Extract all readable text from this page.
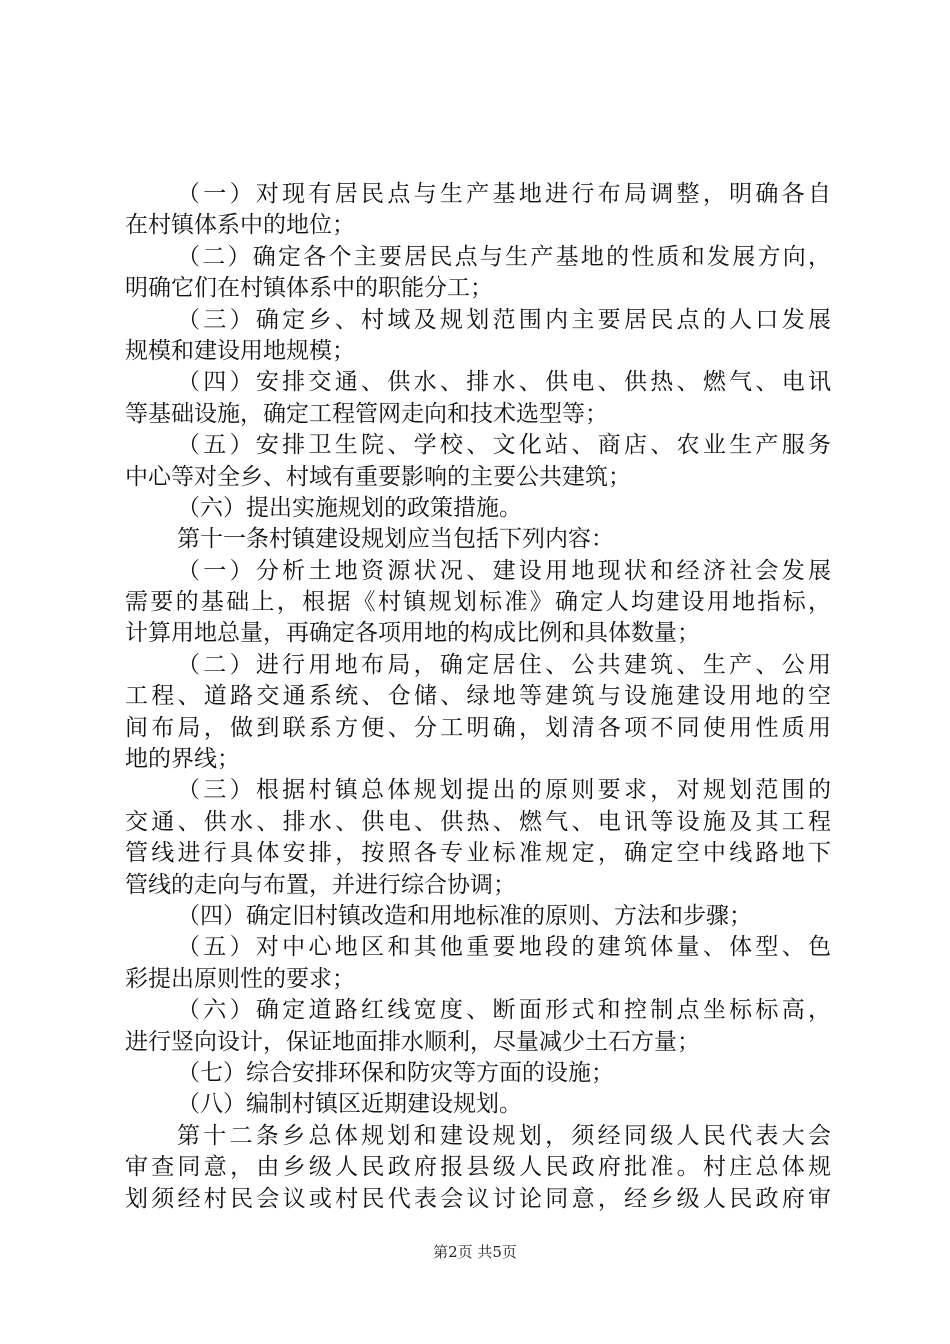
（一）对现有居民点与生产基地进行布局调整，明确各自
在村镇体系中的地位；
（二）确定各个主要居民点与生产基地的性质和发展方向，
明确它们在村镇体系中的职能分工；
（三）确定乡、村域及规划范围内主要居民点的人口发展
规模和建设用地规模；
（四）安排交通、供水、排水、供电、供热、燃气、电讯
等基础设施，确定工程管网走向和技术选型等；
（五）安排卫生院、学校、文化站、商店、农业生产服务
中心等对全乡、村域有重要影响的主要公共建筑；
（六）提出实施规划的政策措施。
第十一条村镇建设规划应当包括下列内容：
（一）分析土地资源状况、建设用地现状和经济社会发展
需要的基础上，根据《村镇规划标准》确定人均建设用地指标，
计算用地总量，再确定各项用地的构成比例和具体数量；
（二）进行用地布局，确定居住、公共建筑、生产、公用
工程、道路交通系统、仓储、绿地等建筑与设施建设用地的空
间布局，做到联系方便、分工明确，划清各项不同使用性质用
地的界线；
（三）根据村镇总体规划提出的原则要求，对规划范围的
交通、供水、排水、供电、供热、燃气、电讯等设施及其工程
管线进行具体安排，按照各专业标准规定，确定空中线路地下
管线的走向与布置，并进行综合协调；
（四）确定旧村镇改造和用地标准的原则、方法和步骤；
（五）对中心地区和其他重要地段的建筑体量、体型、色
彩提出原则性的要求；
（六）确定道路红线宽度、断面形式和控制点坐标标高，
进行竖向设计，保证地面排水顺利，尽量减少土石方量；
（七）综合安排环保和防灾等方面的设施；
（八）编制村镇区近期建设规划。
第十二条乡总体规划和建设规划，须经同级人民代表大会
审查同意，由乡级人民政府报县级人民政府批准。村庄总体规
划须经村民会议或村民代表会议讨论同意，经乡级人民政府审
第2页 共5页
